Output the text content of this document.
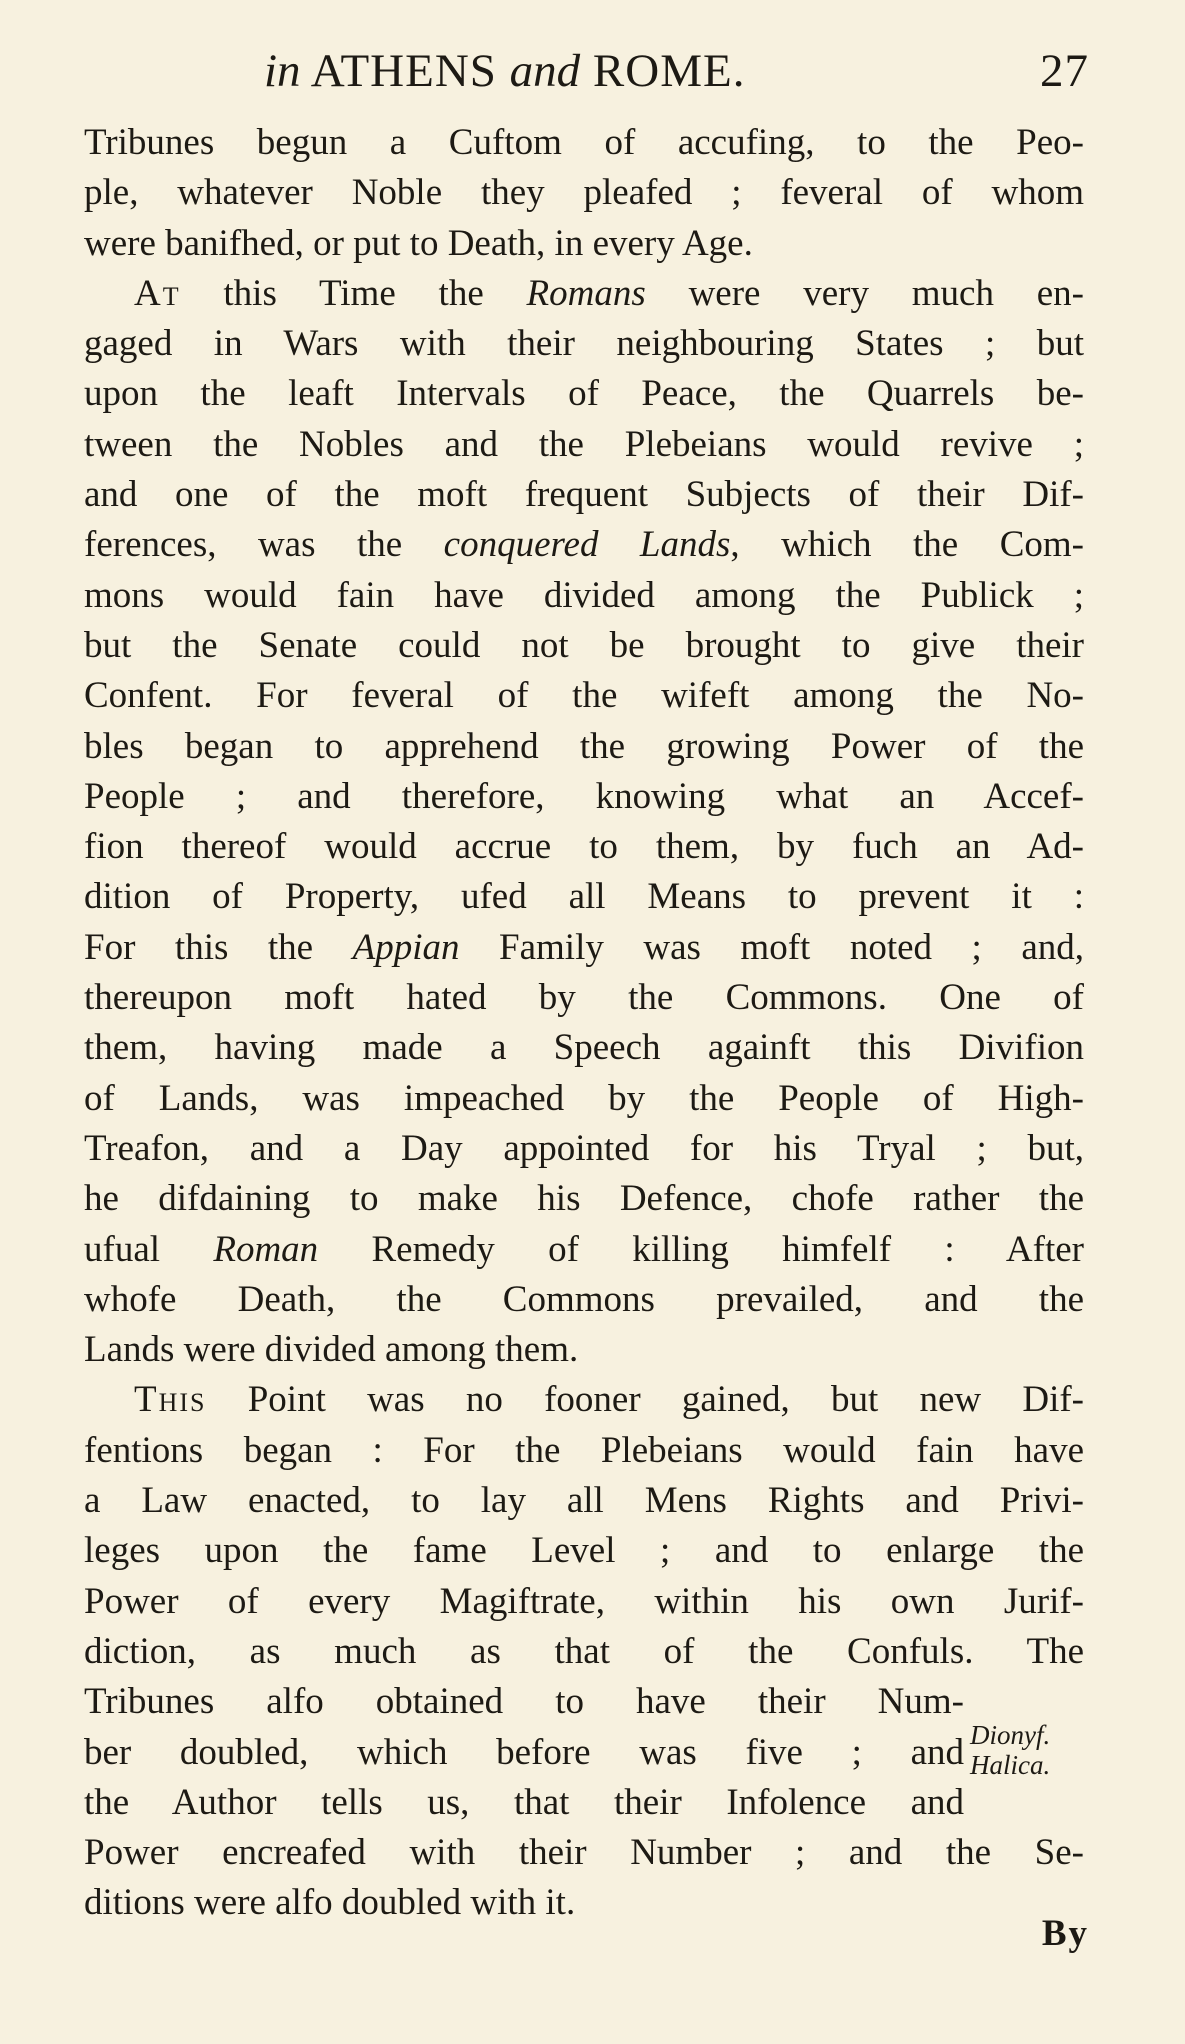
in ATHENS and ROME.	27
Tribunes begun a Cuftom of accufing, to the Peo-
ple, whatever Noble they pleafed ; feveral of whom
were banifhed, or put to Death, in every Age.
At this Time the Romans were very much en-
gaged in Wars with their neighbouring States ; but
upon the leaft Intervals of Peace, the Quarrels be-
tween the Nobles and the Plebeians would revive ;
and one of the moft frequent Subjects of their Dif-
ferences, was the conquered Lands, which the Com-
mons would fain have divided among the Publick ;
but the Senate could not be brought to give their
Confent. For feveral of the wifeft among the No-
bles began to apprehend the growing Power of the
People ; and therefore, knowing what an Accef-
fion thereof would accrue to them, by fuch an Ad-
dition of Property, ufed all Means to prevent it :
For this the Appian Family was moft noted ; and,
thereupon moft hated by the Commons. One of
them, having made a Speech againft this Divifion
of Lands, was impeached by the People of High-
Treafon, and a Day appointed for his Tryal ; but,
he difdaining to make his Defence, chofe rather the
ufual Roman Remedy of killing himfelf : After
whofe Death, the Commons prevailed, and the
Lands were divided among them.
This Point was no fooner gained, but new Dif-
fentions began : For the Plebeians would fain have
a Law enacted, to lay all Mens Rights and Privi-
leges upon the fame Level ; and to enlarge the
Power of every Magiftrate, within his own Jurif-
diction, as much as that of the Confuls. The
Tribunes alfo obtained to have their Num-
ber doubled, which before was five ; and
the Author tells us, that their Infolence and
Power encreafed with their Number ; and the Se-
ditions were alfo doubled with it.
Dionyf.
Halica.
By
